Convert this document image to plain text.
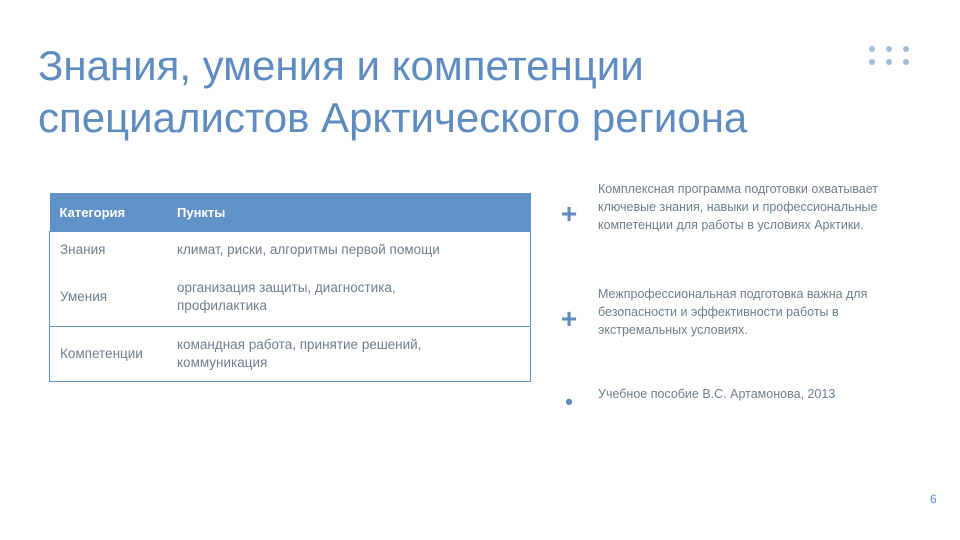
Знания, умения и компетенции
специалистов Арктического региона
Категория	Пункты
Знания	климат, риски, алгоритмы первой помощи
Умения	организация защиты, диагностика,
профилактика
Компетенции	командная работа, принятие решений,
коммуникация
+

Комплексная программа подготовки охватывает
ключевые знания, навыки и профессиональные
компетенции для работы в условиях Арктики.

+

Межпрофессиональная подготовка важна для
безопасности и эффективности работы в
экстремальных условиях.

•	Учебное пособие В.С. Артамонова, 2013

6
